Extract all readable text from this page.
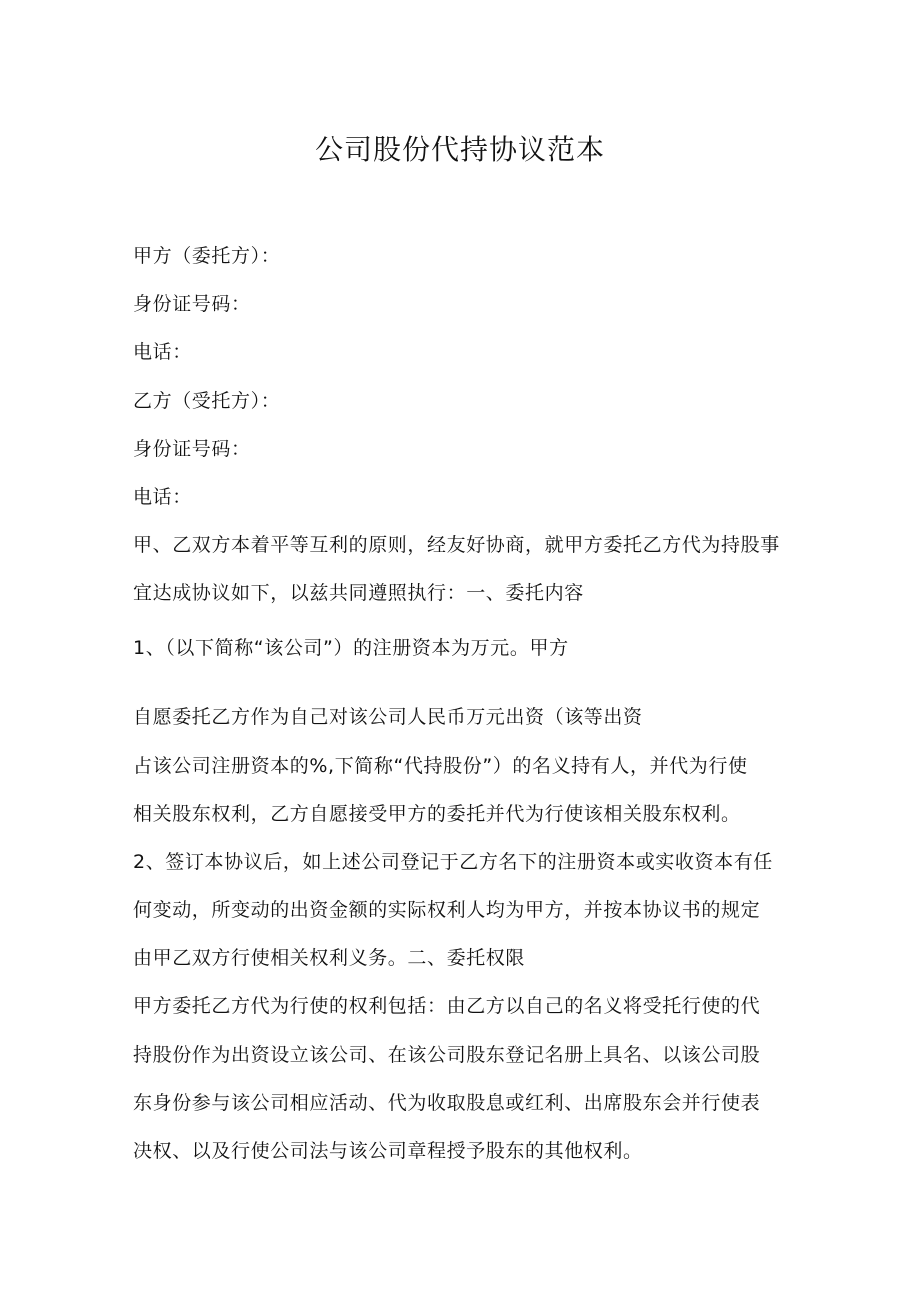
公司股份代持协议范本
甲方（委托方）：
身份证号码：
电话：
乙方（受托方）：
身份证号码：
电话：
甲、乙双方本着平等互利的原则，经友好协商，就甲方委托乙方代为持股事
宜达成协议如下，以兹共同遵照执行：一、委托内容
1、（以下简称“该公司”）的注册资本为万元。甲方
自愿委托乙方作为自己对该公司人民币万元出资（该等出资
占该公司注册资本的%,下简称“代持股份”）的名义持有人，并代为行使
相关股东权利，乙方自愿接受甲方的委托并代为行使该相关股东权利。
2、签订本协议后，如上述公司登记于乙方名下的注册资本或实收资本有任
何变动，所变动的出资金额的实际权利人均为甲方，并按本协议书的规定
由甲乙双方行使相关权利义务。二、委托权限
甲方委托乙方代为行使的权利包括：由乙方以自己的名义将受托行使的代
持股份作为出资设立该公司、在该公司股东登记名册上具名、以该公司股
东身份参与该公司相应活动、代为收取股息或红利、出席股东会并行使表
决权、以及行使公司法与该公司章程授予股东的其他权利。
